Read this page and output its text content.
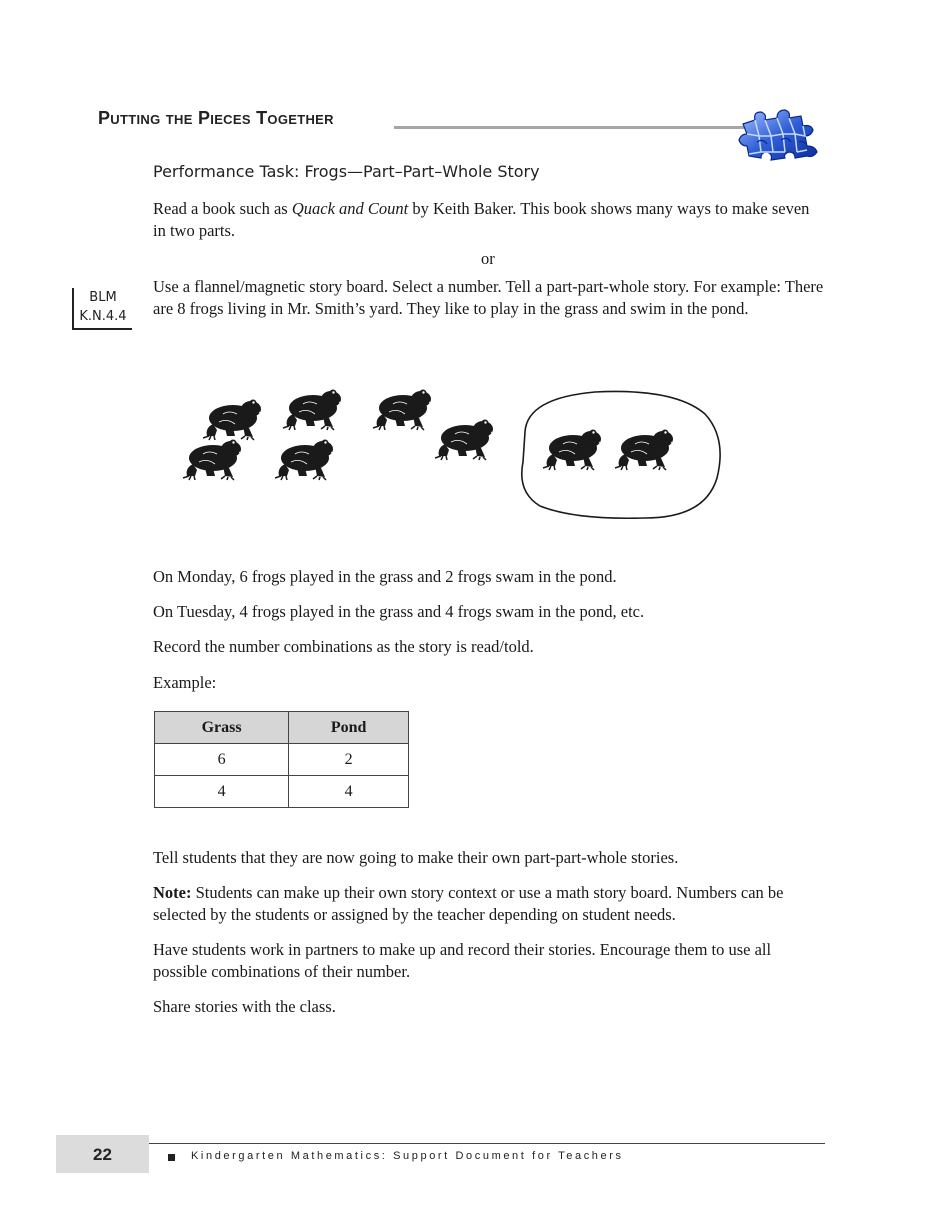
Putting the Pieces Together
Performance Task: Frogs—Part–Part–Whole Story

Read a book such as Quack and Count by Keith Baker. This book shows many ways to make seven in two parts.

or
BLM
K.N.4.4

Use a flannel/magnetic story board. Select a number. Tell a part-part-whole story. For example: There are 8 frogs living in Mr. Smith’s yard. They like to play in the grass and swim in the pond.

On Monday, 6 frogs played in the grass and 2 frogs swam in the pond.

On Tuesday, 4 frogs played in the grass and 4 frogs swam in the pond, etc.

Record the number combinations as the story is read/told.

Example:

Grass	Pond
6	2
4	4

Tell students that they are now going to make their own part-part-whole stories.

Note: Students can make up their own story context or use a math story board. Numbers can be selected by the students or assigned by the teacher depending on student needs.

Have students work in partners to make up and record their stories. Encourage them to use all possible combinations of their number.

Share stories with the class.

22	Kindergarten Mathematics: Support Document for Teachers
